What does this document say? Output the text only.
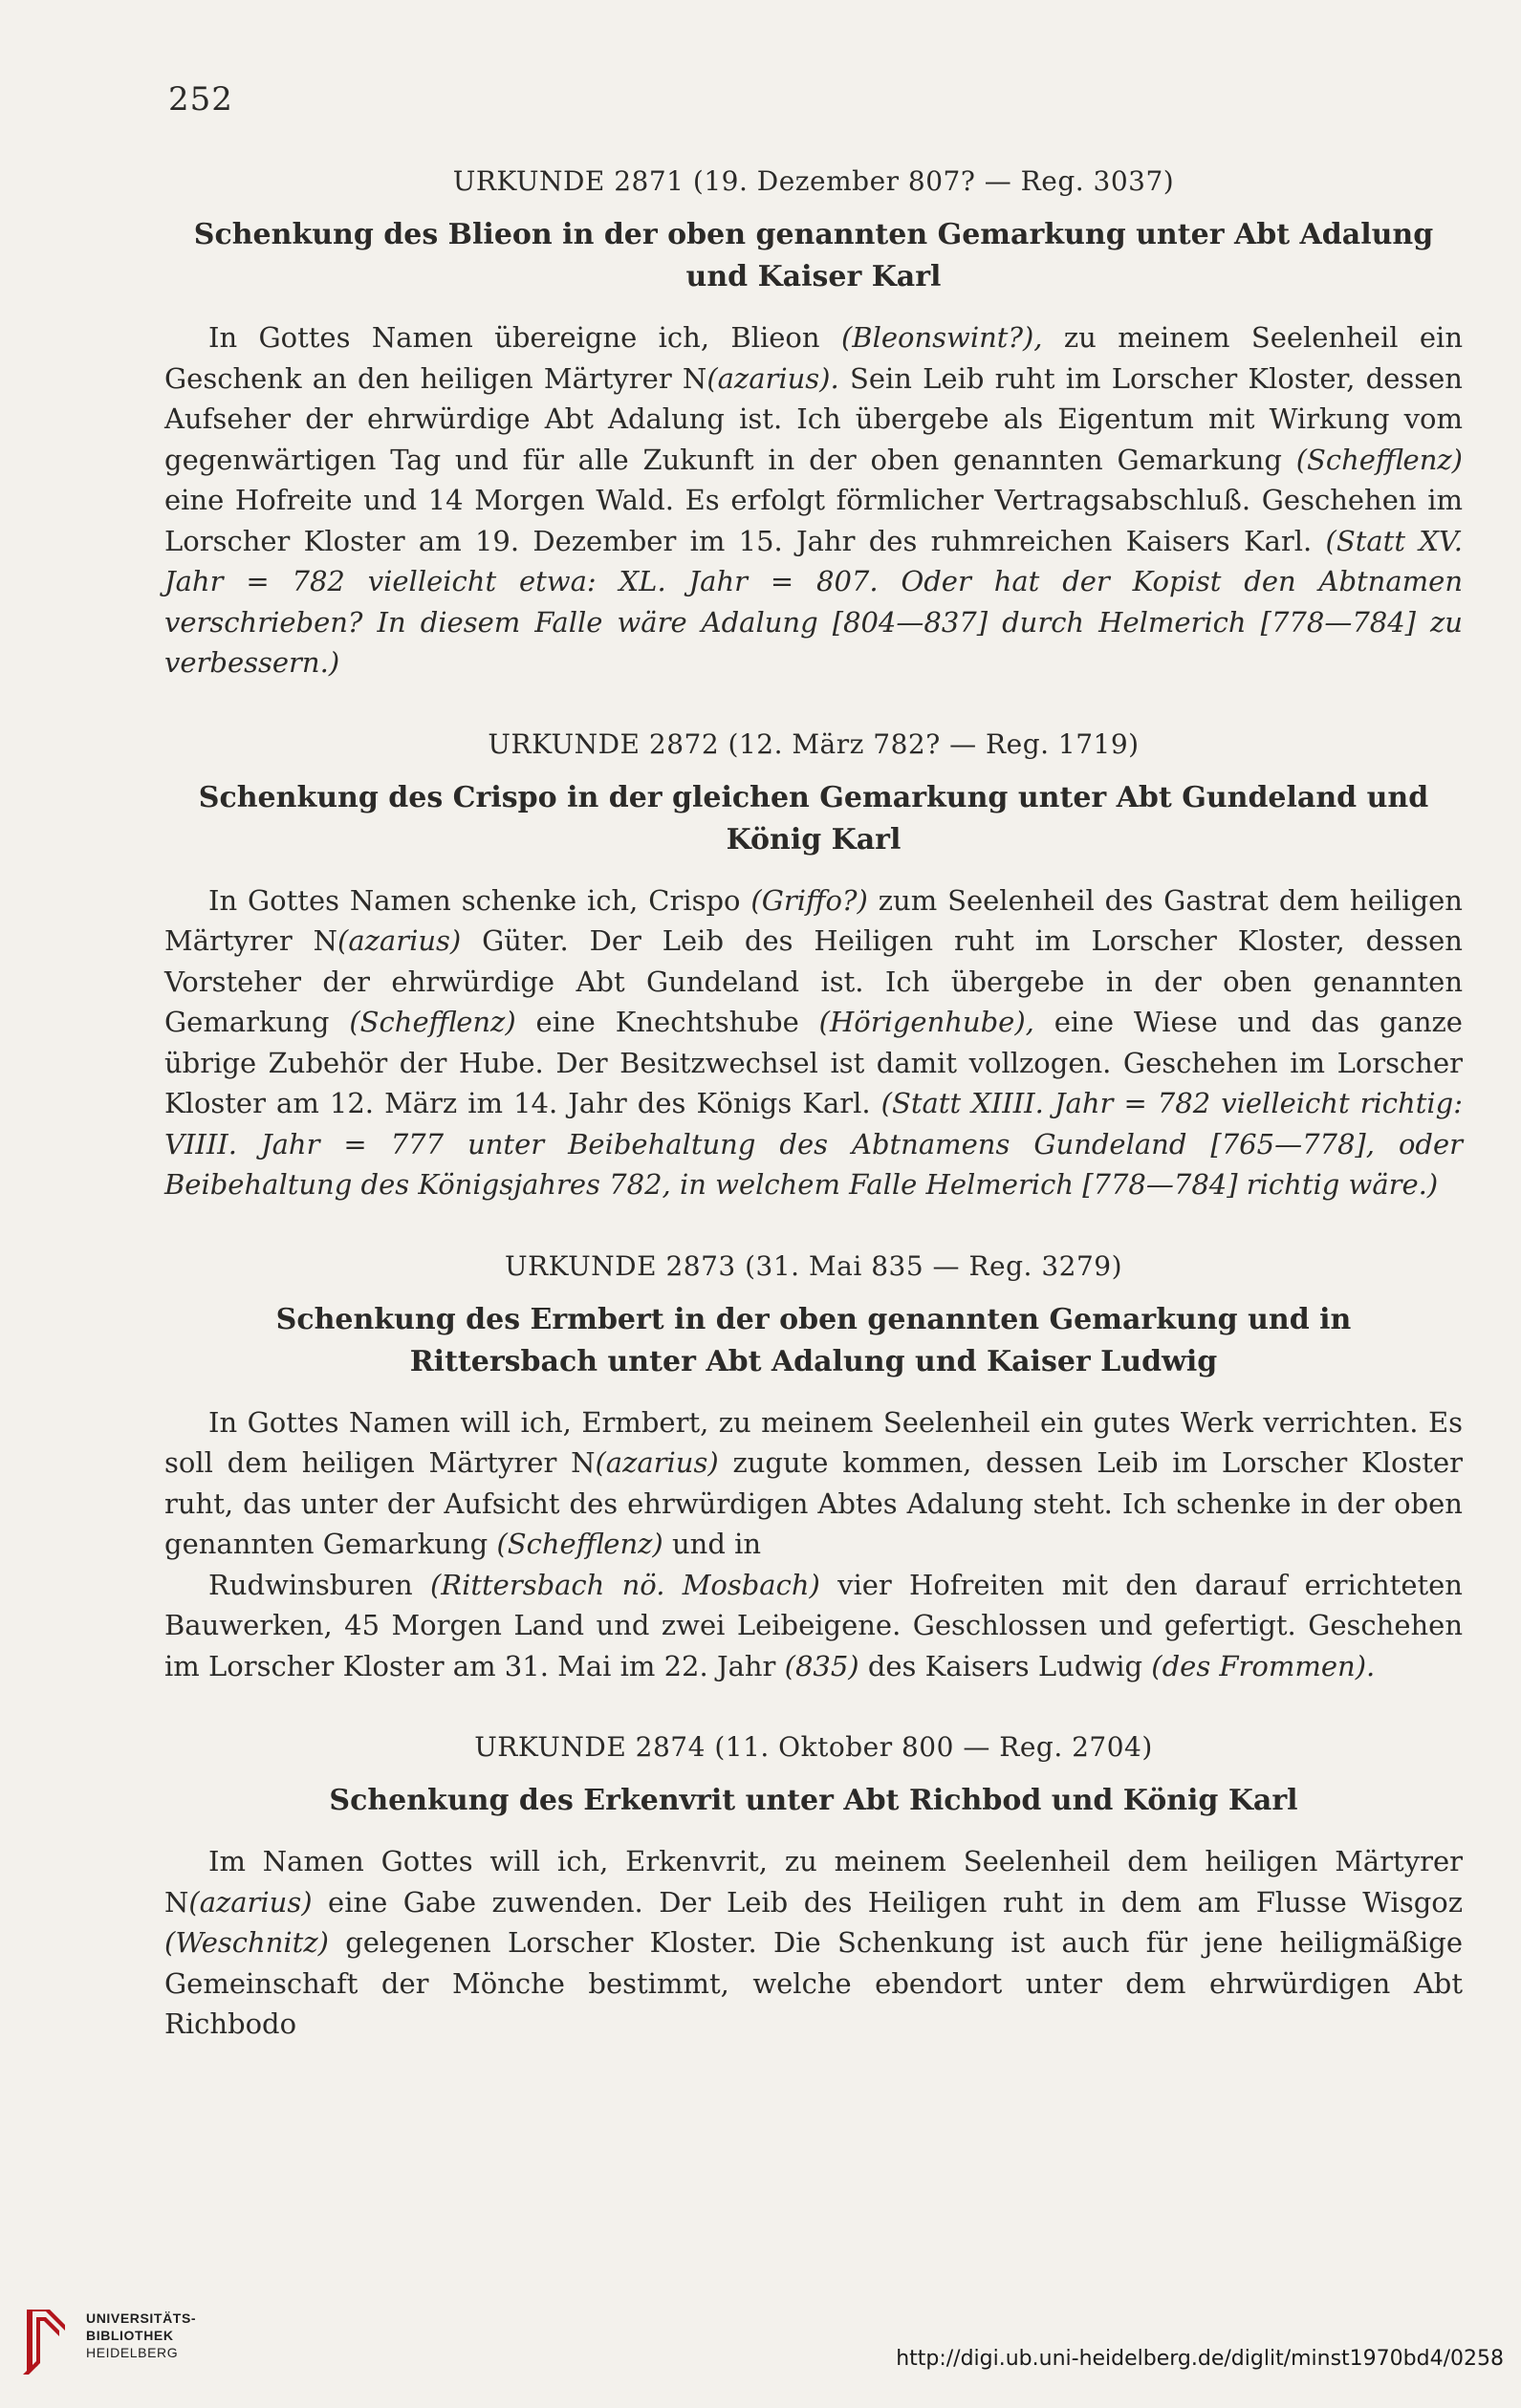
252
URKUNDE 2871 (19. Dezember 807? — Reg. 3037)
Schenkung des Blieon in der oben genannten Gemarkung unter Abt Adalung und Kaiser Karl
In Gottes Namen übereigne ich, Blieon (Bleonswint?), zu meinem Seelenheil ein Geschenk an den heiligen Märtyrer N(azarius). Sein Leib ruht im Lorscher Kloster, dessen Aufseher der ehrwürdige Abt Adalung ist. Ich übergebe als Eigentum mit Wirkung vom gegenwärtigen Tag und für alle Zukunft in der oben genannten Gemarkung (Schefflenz) eine Hofreite und 14 Morgen Wald. Es erfolgt förmlicher Vertragsabschluß. Geschehen im Lorscher Kloster am 19. Dezember im 15. Jahr des ruhmreichen Kaisers Karl. (Statt XV. Jahr = 782 vielleicht etwa: XL. Jahr = 807. Oder hat der Kopist den Abtnamen verschrieben? In diesem Falle wäre Adalung [804—837] durch Helmerich [778—784] zu verbessern.)
URKUNDE 2872 (12. März 782? — Reg. 1719)
Schenkung des Crispo in der gleichen Gemarkung unter Abt Gundeland und König Karl
In Gottes Namen schenke ich, Crispo (Griffo?) zum Seelenheil des Gastrat dem heiligen Märtyrer N(azarius) Güter. Der Leib des Heiligen ruht im Lorscher Kloster, dessen Vorsteher der ehrwürdige Abt Gundeland ist. Ich übergebe in der oben genannten Gemarkung (Schefflenz) eine Knechtshube (Hörigenhube), eine Wiese und das ganze übrige Zubehör der Hube. Der Besitzwechsel ist damit vollzogen. Geschehen im Lorscher Kloster am 12. März im 14. Jahr des Königs Karl. (Statt XIIII. Jahr = 782 vielleicht richtig: VIIII. Jahr = 777 unter Beibehaltung des Abtnamens Gundeland [765—778], oder Beibehaltung des Königsjahres 782, in welchem Falle Helmerich [778—784] richtig wäre.)
URKUNDE 2873 (31. Mai 835 — Reg. 3279)
Schenkung des Ermbert in der oben genannten Gemarkung und in Rittersbach unter Abt Adalung und Kaiser Ludwig
In Gottes Namen will ich, Ermbert, zu meinem Seelenheil ein gutes Werk verrichten. Es soll dem heiligen Märtyrer N(azarius) zugute kommen, dessen Leib im Lorscher Kloster ruht, das unter der Aufsicht des ehrwürdigen Abtes Adalung steht. Ich schenke in der oben genannten Gemarkung (Schefflenz) und in
Rudwinsburen (Rittersbach nö. Mosbach) vier Hofreiten mit den darauf errichteten Bauwerken, 45 Morgen Land und zwei Leibeigene. Geschlossen und gefertigt. Geschehen im Lorscher Kloster am 31. Mai im 22. Jahr (835) des Kaisers Ludwig (des Frommen).
URKUNDE 2874 (11. Oktober 800 — Reg. 2704)
Schenkung des Erkenvrit unter Abt Richbod und König Karl
Im Namen Gottes will ich, Erkenvrit, zu meinem Seelenheil dem heiligen Märtyrer N(azarius) eine Gabe zuwenden. Der Leib des Heiligen ruht in dem am Flusse Wisgoz (Weschnitz) gelegenen Lorscher Kloster. Die Schenkung ist auch für jene heiligmäßige Gemeinschaft der Mönche bestimmt, welche ebendort unter dem ehrwürdigen Abt Richbodo
UNIVERSITÄTS-
BIBLIOTHEK
HEIDELBERG	http://digi.ub.uni-heidelberg.de/diglit/minst1970bd4/0258
